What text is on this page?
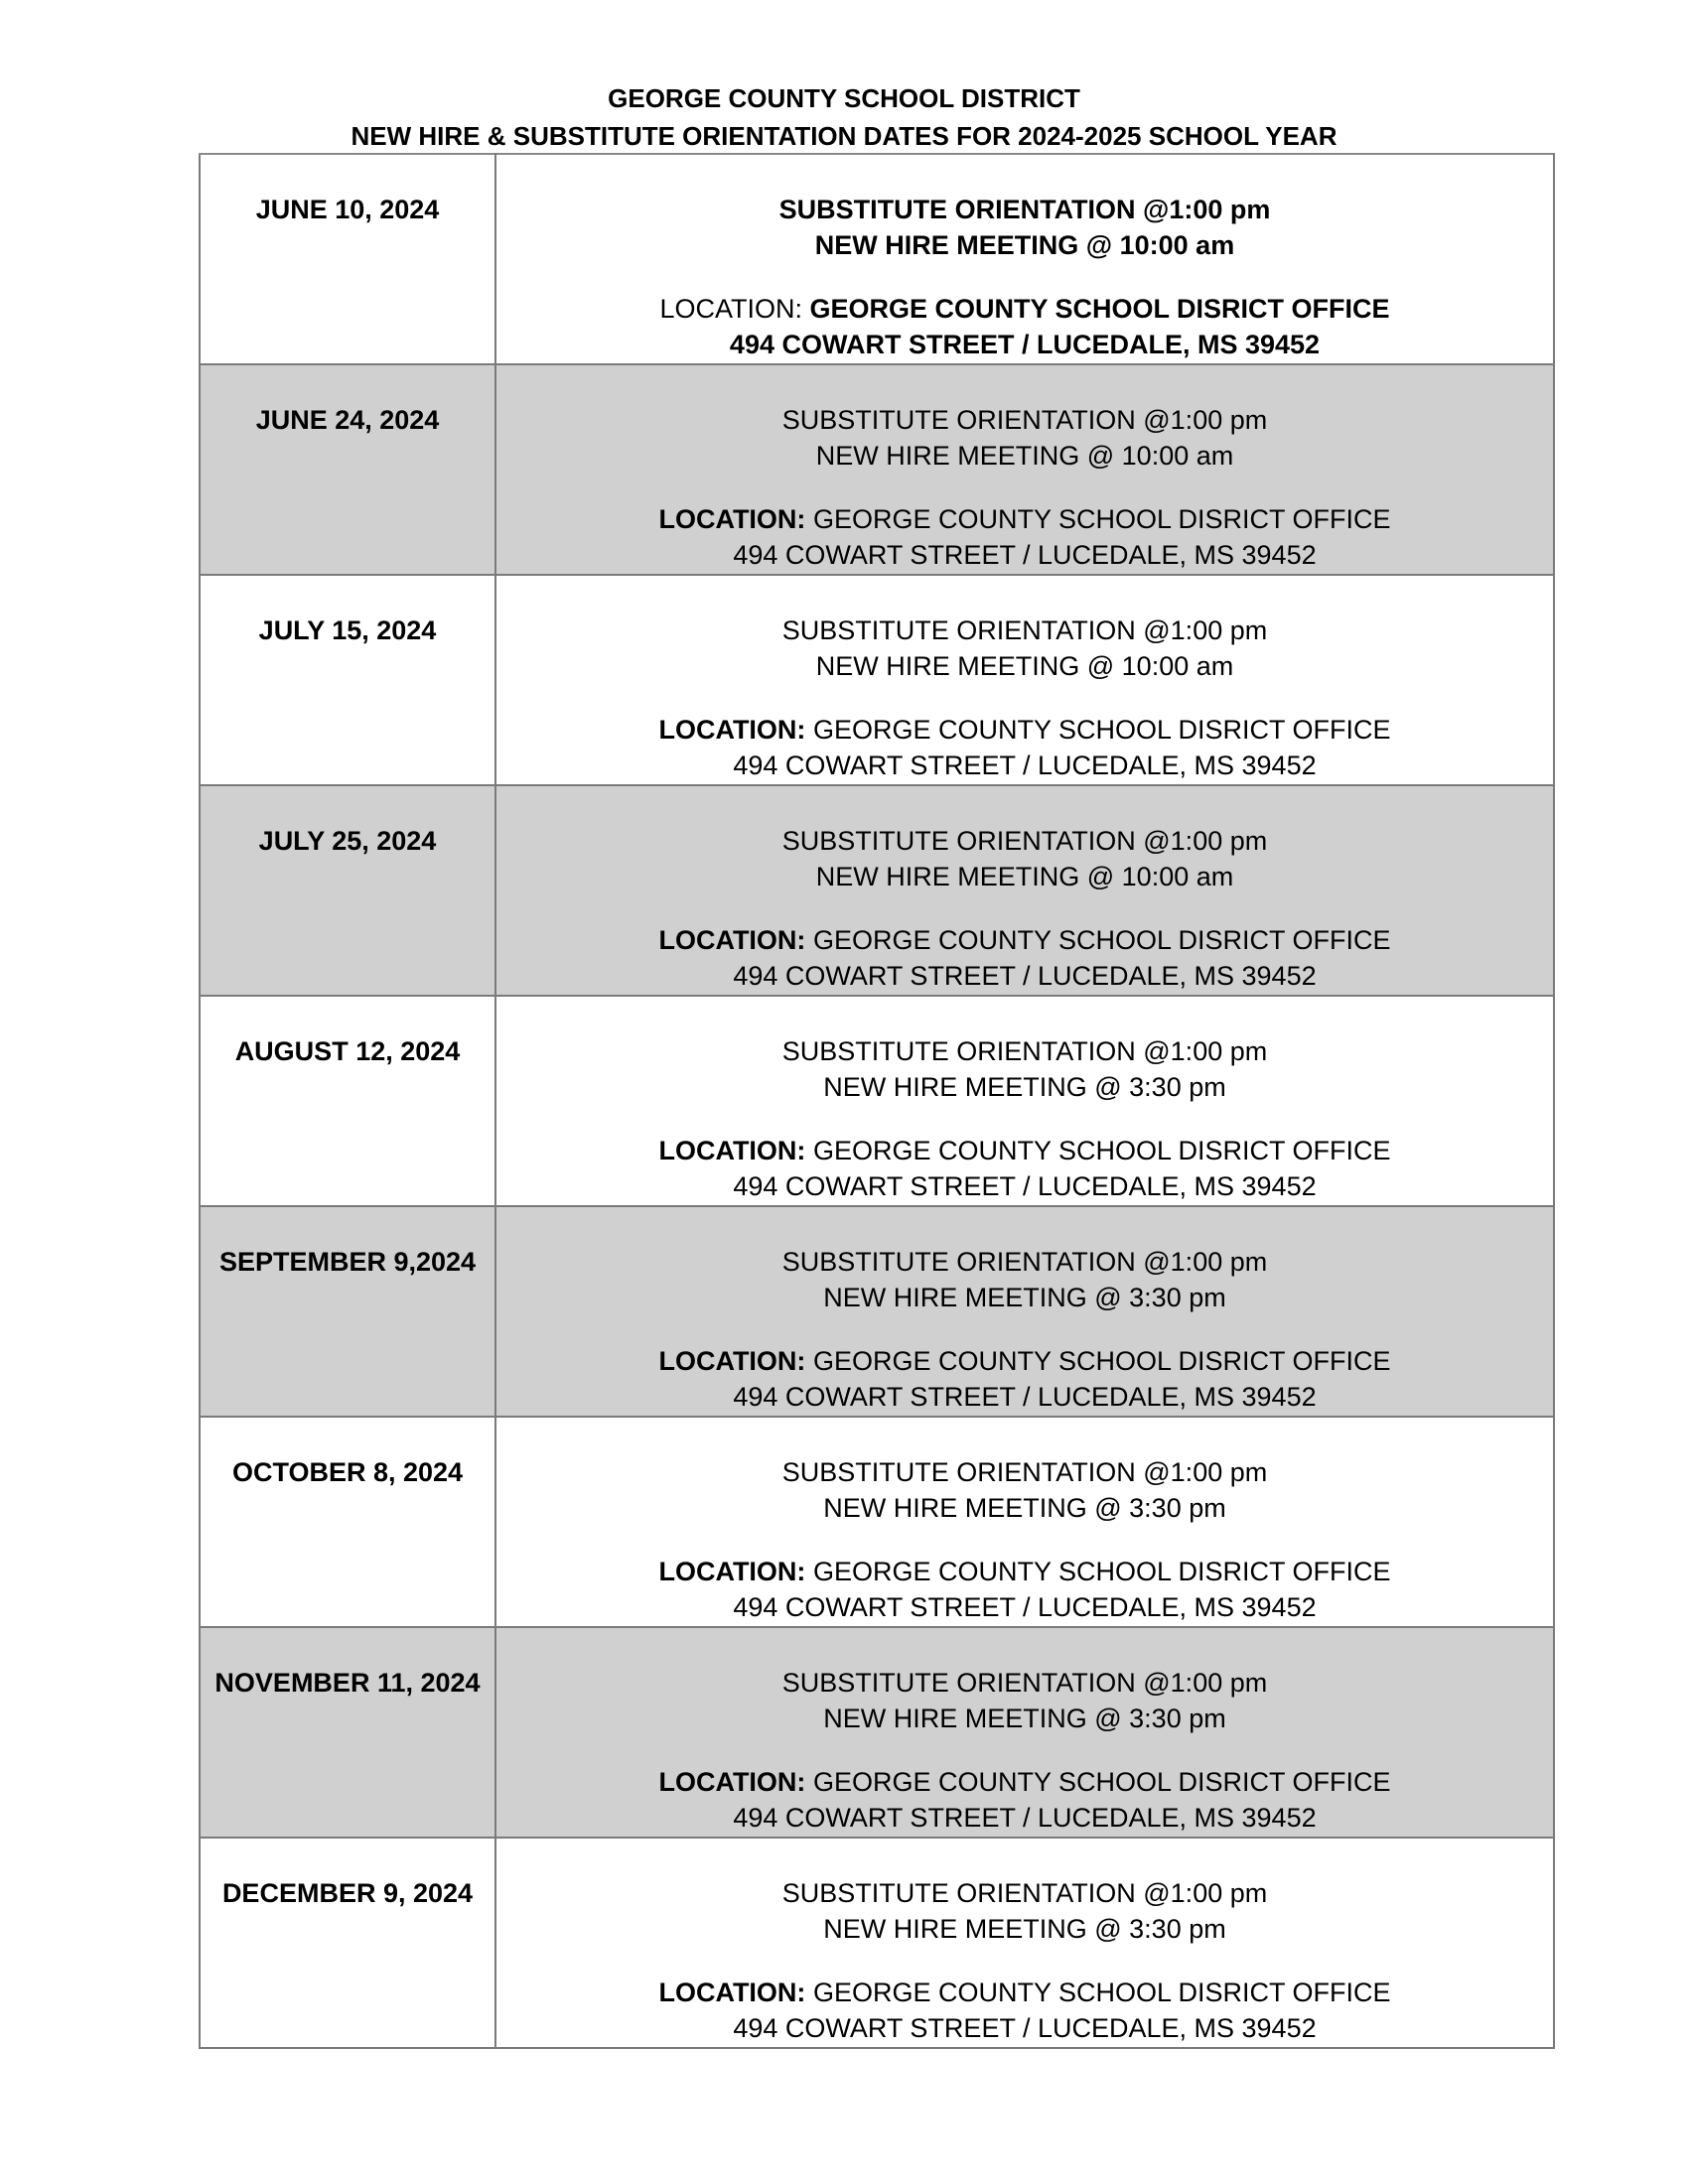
GEORGE COUNTY SCHOOL DISTRICT
NEW HIRE & SUBSTITUTE ORIENTATION DATES FOR 2024-2025 SCHOOL YEAR
JUNE 10, 2024	SUBSTITUTE ORIENTATION @1:00 pm
NEW HIRE MEETING @ 10:00 am
LOCATION: GEORGE COUNTY SCHOOL DISRICT OFFICE
494 COWART STREET / LUCEDALE, MS 39452

JUNE 24, 2024	SUBSTITUTE ORIENTATION @1:00 pm
NEW HIRE MEETING @ 10:00 am
LOCATION: GEORGE COUNTY SCHOOL DISRICT OFFICE
494 COWART STREET / LUCEDALE, MS 39452

JULY 15, 2024	SUBSTITUTE ORIENTATION @1:00 pm
NEW HIRE MEETING @ 10:00 am
LOCATION: GEORGE COUNTY SCHOOL DISRICT OFFICE
494 COWART STREET / LUCEDALE, MS 39452

JULY 25, 2024	SUBSTITUTE ORIENTATION @1:00 pm
NEW HIRE MEETING @ 10:00 am
LOCATION: GEORGE COUNTY SCHOOL DISRICT OFFICE
494 COWART STREET / LUCEDALE, MS 39452

AUGUST 12, 2024	SUBSTITUTE ORIENTATION @1:00 pm
NEW HIRE MEETING @ 3:30 pm
LOCATION: GEORGE COUNTY SCHOOL DISRICT OFFICE
494 COWART STREET / LUCEDALE, MS 39452

SEPTEMBER 9,2024	SUBSTITUTE ORIENTATION @1:00 pm
NEW HIRE MEETING @ 3:30 pm
LOCATION: GEORGE COUNTY SCHOOL DISRICT OFFICE
494 COWART STREET / LUCEDALE, MS 39452

OCTOBER 8, 2024	SUBSTITUTE ORIENTATION @1:00 pm
NEW HIRE MEETING @ 3:30 pm
LOCATION: GEORGE COUNTY SCHOOL DISRICT OFFICE
494 COWART STREET / LUCEDALE, MS 39452

NOVEMBER 11, 2024	SUBSTITUTE ORIENTATION @1:00 pm
NEW HIRE MEETING @ 3:30 pm
LOCATION: GEORGE COUNTY SCHOOL DISRICT OFFICE
494 COWART STREET / LUCEDALE, MS 39452

DECEMBER 9, 2024	SUBSTITUTE ORIENTATION @1:00 pm
NEW HIRE MEETING @ 3:30 pm
LOCATION: GEORGE COUNTY SCHOOL DISRICT OFFICE
494 COWART STREET / LUCEDALE, MS 39452
